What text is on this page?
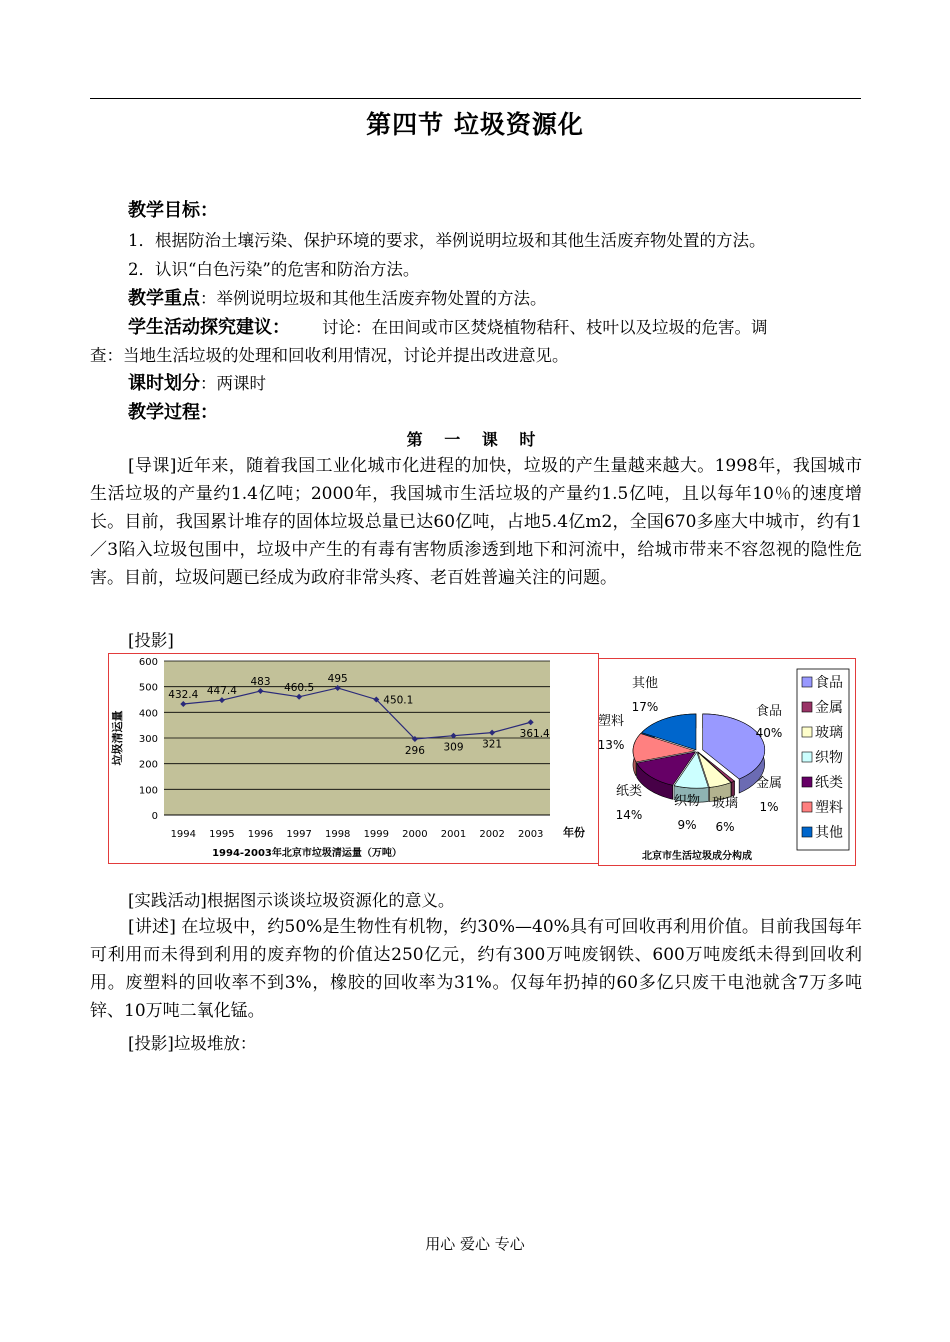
第四节 垃圾资源化
教学目标：
1．根据防治土壤污染、保护环境的要求，举例说明垃圾和其他生活废弃物处置的方法。
2．认识“白色污染”的危害和防治方法。
教学重点：举例说明垃圾和其他生活废弃物处置的方法。
学生活动探究建议： 讨论：在田间或市区焚烧植物秸秆、枝叶以及垃圾的危害。调
查：当地生活垃圾的处理和回收利用情况，讨论并提出改进意见。
课时划分：两课时
教学过程：
第 一 课 时
[导课]近年来，随着我国工业化城市化进程的加快，垃圾的产生量越来越大。1998年，我国城市生活垃圾的产量约1.4亿吨；2000年，我国城市生活垃圾的产量约1.5亿吨，且以每年10％的速度增长。目前，我国累计堆存的固体垃圾总量已达60亿吨，占地5.4亿m2，全国670多座大中城市，约有1／3陷入垃圾包围中，垃圾中产生的有毒有害物质渗透到地下和河流中，给城市带来不容忽视的隐性危害。目前，垃圾问题已经成为政府非常头疼、老百姓普遍关注的问题。
[投影]
0
100
200
300
400
500
600
1994 1995 1996 1997 1998 1999 2000 2001 2002 2003
432.4 447.4
483 460.5
495
450.1
296 309 321
361.4
垃圾清运量
年份
1994-2003年北京市垃圾清运量（万吨）
食品
40%
金属
1%
玻璃
6%
织物
9%
纸类
14%
塑料
13%
其他
17%
食品
金属
玻璃
织物
纸类
塑料
其他
北京市生活垃圾成分构成
[实践活动]根据图示谈谈垃圾资源化的意义。
[讲述] 在垃圾中，约50%是生物性有机物，约30%—40%具有可回收再利用价值。目前我国每年可利用而未得到利用的废弃物的价值达250亿元，约有300万吨废钢铁、600万吨废纸未得到回收利用。废塑料的回收率不到3%，橡胶的回收率为31%。仅每年扔掉的60多亿只废干电池就含7万多吨锌、10万吨二氧化锰。
[投影]垃圾堆放：
用心 爱心 专心
